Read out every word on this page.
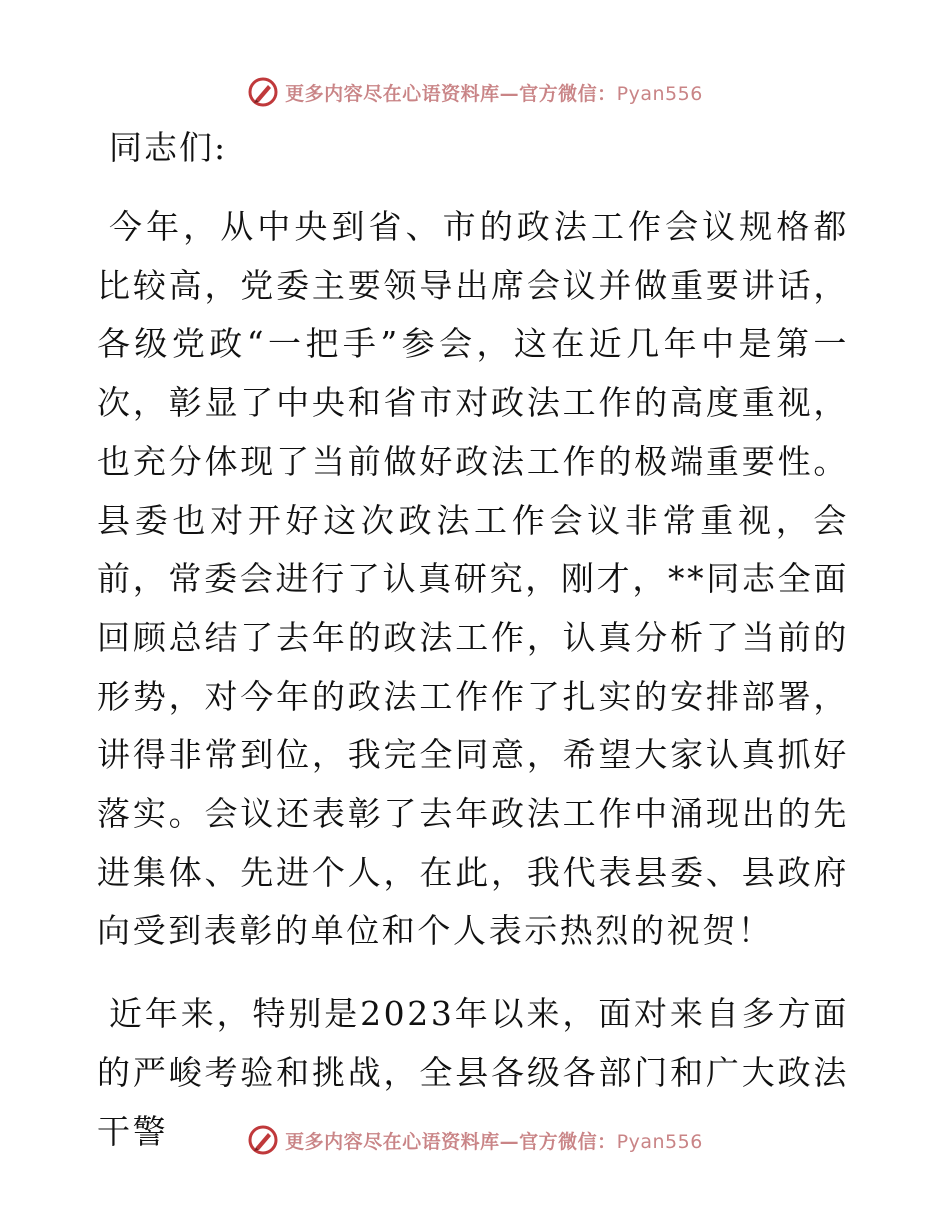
更多内容尽在心语资料库—官方微信：Pyan556
同志们:

今年，从中央到省、市的政法工作会议规格都比较高，党委主要领导出席会议并做重要讲话，各级党政“一把手”参会，这在近几年中是第一次，彰显了中央和省市对政法工作的高度重视，也充分体现了当前做好政法工作的极端重要性。县委也对开好这次政法工作会议非常重视，会前，常委会进行了认真研究，刚才，**同志全面回顾总结了去年的政法工作，认真分析了当前的形势，对今年的政法工作作了扎实的安排部署，讲得非常到位，我完全同意，希望大家认真抓好落实。会议还表彰了去年政法工作中涌现出的先进集体、先进个人，在此，我代表县委、县政府向受到表彰的单位和个人表示热烈的祝贺！

近年来，特别是2023年以来，面对来自多方面的严峻考验和挑战，全县各级各部门和广大政法干警	更多内容尽在心语资料库—官方微信：Pyan556
